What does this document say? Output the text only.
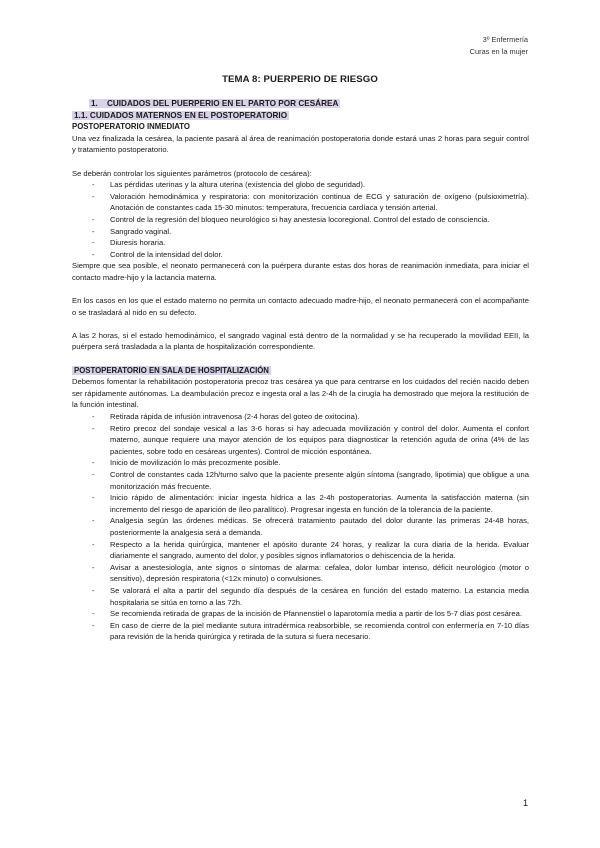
3º Enfermería
Curas en la mujer
TEMA 8: PUERPERIO DE RIESGO
1. CUIDADOS DEL PUERPERIO EN EL PARTO POR CESÁREA
1.1. CUIDADOS MATERNOS EN EL POSTOPERATORIO
POSTOPERATORIO INMEDIATO

Una vez finalizada la cesárea, la paciente pasará al área de reanimación postoperatoria donde estará unas 2 horas para seguir control y tratamiento postoperatorio.

Se deberán controlar los siguientes parámetros (protocolo de cesárea):

- Las pérdidas uterinas y la altura uterina (existencia del globo de seguridad).
- Valoración hemodinámica y respiratoria: con monitorización continua de ECG y saturación de oxígeno (pulsioximetría). Anotación de constantes cada 15-30 minutos: temperatura, frecuencia cardíaca y tensión arterial.
- Control de la regresión del bloqueo neurológico si hay anestesia locoregional. Control del estado de consciencia.
- Sangrado vaginal.
- Diuresis horaria.
- Control de la intensidad del dolor.

Siempre que sea posible, el neonato permanecerá con la puérpera durante estas dos horas de reanimación inmediata, para iniciar el contacto madre-hijo y la lactancia materna.

En los casos en los que el estado materno no permita un contacto adecuado madre-hijo, el neonato permanecerá con el acompañante o se trasladará al nido en su defecto.

A las 2 horas, si el estado hemodinámico, el sangrado vaginal está dentro de la normalidad y se ha recuperado la movilidad EEII, la puérpera será trasladada a la planta de hospitalización correspondiente.

POSTOPERATORIO EN SALA DE HOSPITALIZACIÓN

Debemos fomentar la rehabilitación postoperatoria precoz tras cesárea ya que para centrarse en los cuidados del recién nacido deben ser rápidamente autónomas. La deambulación precoz e ingesta oral a las 2-4h de la cirugía ha demostrado que mejora la restitución de la función intestinal.

- Retirada rápida de infusión intravenosa (2-4 horas del goteo de oxitocina).
- Retiro precoz del sondaje vesical a las 3-6 horas si hay adecuada movilización y control del dolor. Aumenta el confort materno, aunque requiere una mayor atención de los equipos para diagnosticar la retención aguda de orina (4% de las pacientes, sobre todo en cesáreas urgentes). Control de micción espontánea.
- Inicio de movilización lo más precozmente posible.
- Control de constantes cada 12h/turno salvo que la paciente presente algún síntoma (sangrado, lipotimia) que obligue a una monitorización más frecuente.
- Inicio rápido de alimentación: iniciar ingesta hídrica a las 2-4h postoperatorias. Aumenta la satisfacción materna (sin incremento del riesgo de aparición de íleo paralítico). Progresar ingesta en función de la tolerancia de la paciente.
- Analgesia según las órdenes médicas. Se ofrecerá tratamiento pautado del dolor durante las primeras 24-48 horas, posteriormente la analgesia será a demanda.
- Respecto a la herida quirúrgica, mantener el apósito durante 24 horas, y realizar la cura diaria de la herida. Evaluar diariamente el sangrado, aumento del dolor, y posibles signos inflamatorios o dehiscencia de la herida.
- Avisar a anestesiología, ante signos o síntomas de alarma: cefalea, dolor lumbar intenso, déficit neurológico (motor o sensitivo), depresión respiratoria (<12x minuto) o convulsiones.
- Se valorará el alta a partir del segundo día después de la cesárea en función del estado materno. La estancia media hospitalaria se sitúa en torno a las 72h.
- Se recomienda retirada de grapas de la incisión de Pfannenstiel o laparotomía media a partir de los 5-7 días post cesárea.
- En caso de cierre de la piel mediante sutura intradérmica reabsorbible, se recomienda control con enfermería en 7-10 días para revisión de la herida quirúrgica y retirada de la sutura si fuera necesario.
1
